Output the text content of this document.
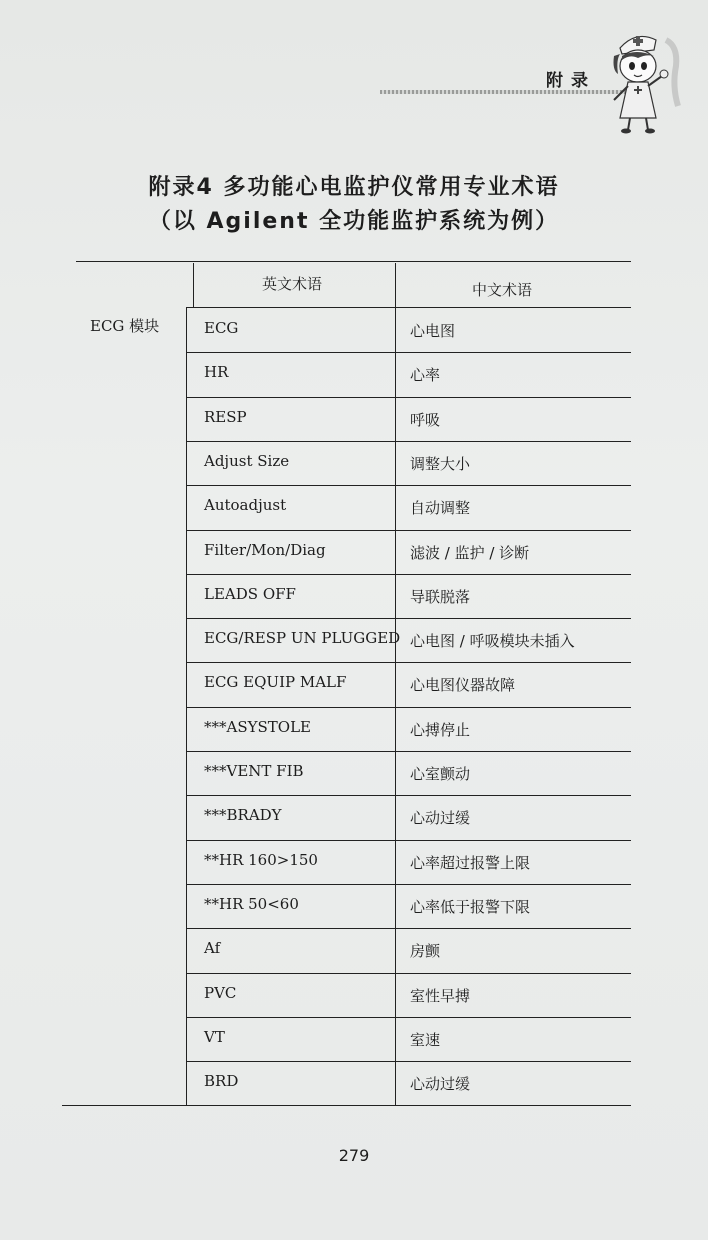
附录
附录4 多功能心电监护仪常用专业术语
（以 Agilent 全功能监护系统为例）
英文术语	中文术语
ECG 模块	ECG	心电图
HR	心率
RESP	呼吸
Adjust Size	调整大小
Autoadjust	自动调整
Filter/Mon/Diag	滤波 / 监护 / 诊断
LEADS OFF	导联脱落
ECG/RESP UN PLUGGED 心电图 / 呼吸模块未插入
ECG EQUIP MALF	心电图仪器故障
***ASYSTOLE	心搏停止
***VENT FIB	心室颤动
***BRADY	心动过缓
**HR 160>150	心率超过报警上限
**HR 50<60	心率低于报警下限
Af	房颤
PVC	室性早搏
VT	室速
BRD	心动过缓
279
